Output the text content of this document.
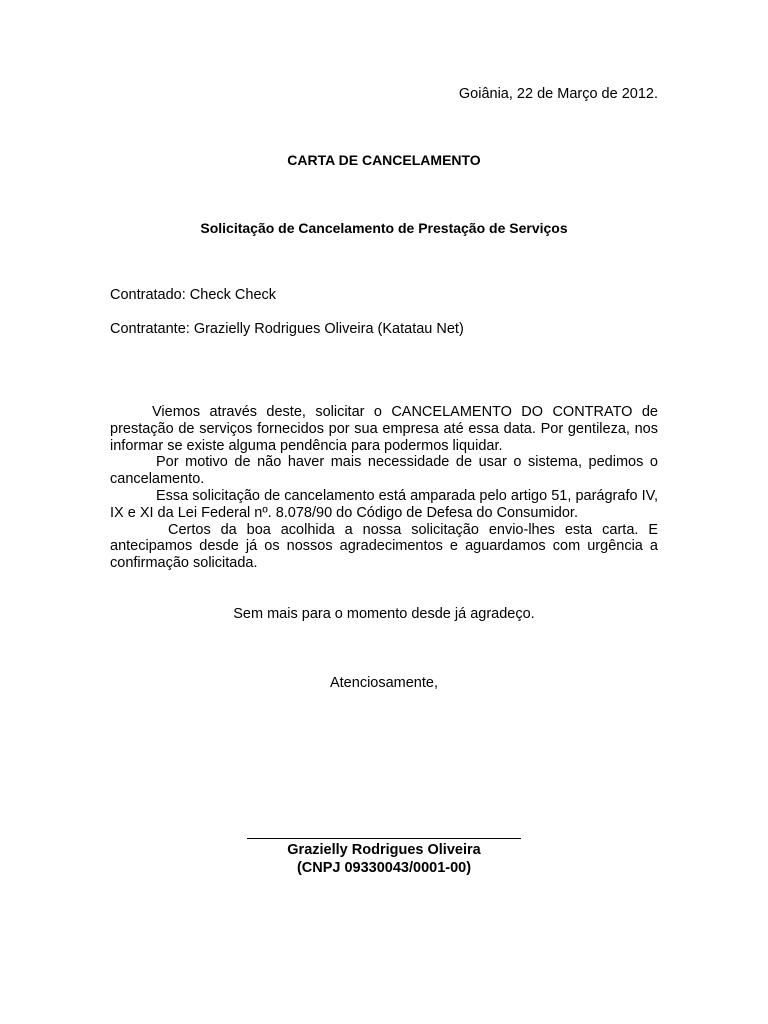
Goiânia, 22 de Março de 2012.

CARTA DE CANCELAMENTO

Solicitação de Cancelamento de Prestação de Serviços

Contratado: Check Check

Contratante: Grazielly Rodrigues Oliveira (Katatau Net)

Viemos através deste, solicitar o CANCELAMENTO DO CONTRATO de prestação de serviços fornecidos por sua empresa até essa data. Por gentileza, nos informar se existe alguma pendência para podermos liquidar.

Por motivo de não haver mais necessidade de usar o sistema, pedimos o cancelamento.

Essa solicitação de cancelamento está amparada pelo artigo 51, parágrafo IV, IX e XI da Lei Federal nº. 8.078/90 do Código de Defesa do Consumidor.

Certos da boa acolhida a nossa solicitação envio-lhes esta carta. E antecipamos desde já os nossos agradecimentos e aguardamos com urgência a confirmação solicitada.

Sem mais para o momento desde já agradeço.

Atenciosamente,

Grazielly Rodrigues Oliveira
(CNPJ 09330043/0001-00)
